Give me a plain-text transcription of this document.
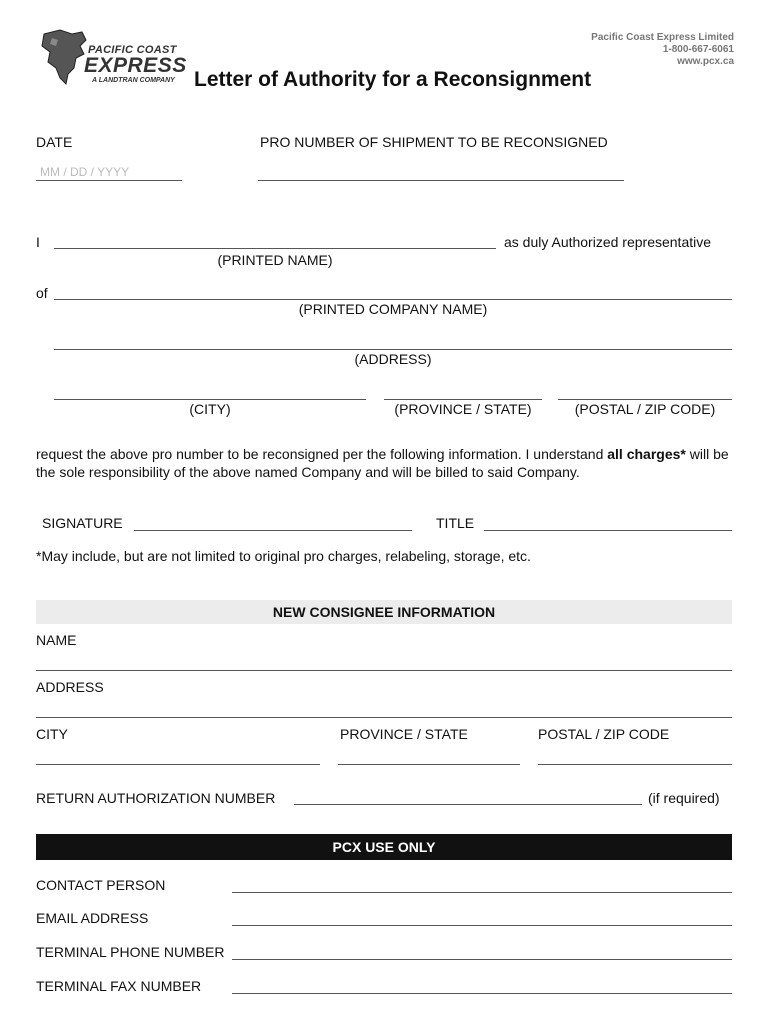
PACIFIC COAST
EXPRESS
A LANDTRAN COMPANY
Pacific Coast Express Limited
1-800-667-6061
www.pcx.ca
Letter of Authority for a Reconsignment
DATE	PRO NUMBER OF SHIPMENT TO BE RECONSIGNED
MM / DD / YYYY
I	as duly Authorized representative
(PRINTED NAME)
of
(PRINTED COMPANY NAME)
(ADDRESS)
(CITY)	(PROVINCE / STATE)	(POSTAL / ZIP CODE)
request the above pro number to be reconsigned per the following information. I understand all charges* will be the sole responsibility of the above named Company and will be billed to said Company.
SIGNATURE	TITLE
*May include, but are not limited to original pro charges, relabeling, storage, etc.
NEW CONSIGNEE INFORMATION
NAME
ADDRESS
CITY	PROVINCE / STATE	POSTAL / ZIP CODE
RETURN AUTHORIZATION NUMBER	(if required)
PCX USE ONLY
CONTACT PERSON
EMAIL ADDRESS
TERMINAL PHONE NUMBER
TERMINAL FAX NUMBER
